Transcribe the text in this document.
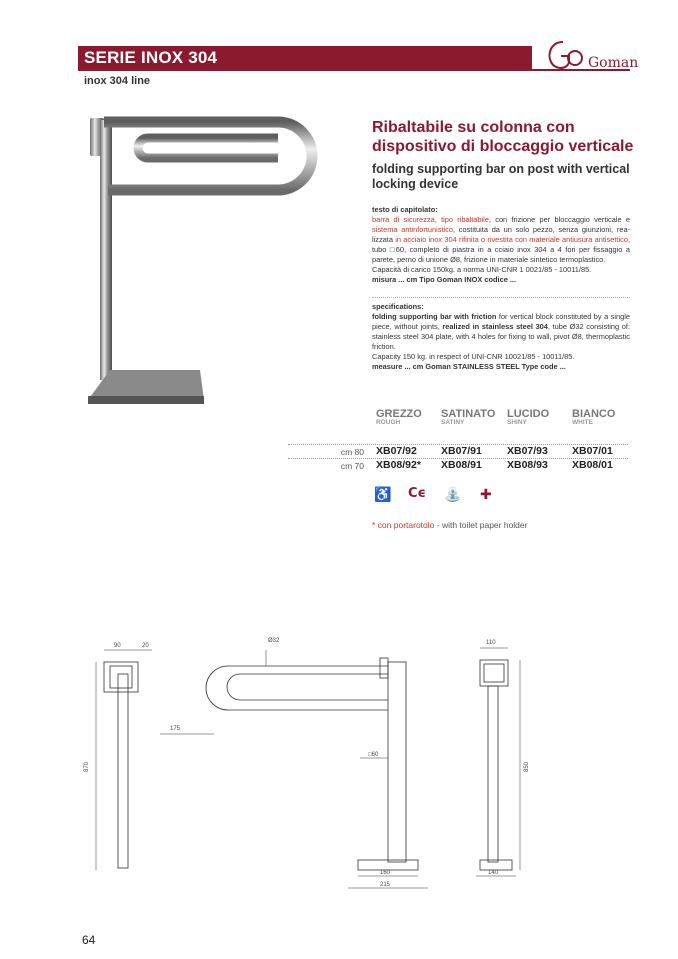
SERIE INOX 304
inox 304 line
Goman
Ribaltabile su colonna con dispositivo di bloccaggio verticale
folding supporting bar on post with vertical locking device
testo di capitolato:
barra di sicurezza, tipo ribaltabile, con frizione per bloccaggio verticale e sistema antinfortunistico, costituita da un solo pezzo, senza giunzioni, rea-lizzata in acciaio inox 304 rifinita o rivestita con materiale antiusura antisettico, tubo □60, completo di piastra in a cciaio inox 304 a 4 fori per fissaggio a parete, perno di unione Ø8, frizione in materiale sintetico termoplastico.
Capacità di carico 150kg. a norma UNI-CNR 1 0021/85 - 10011/85.
misura ... cm Tipo Goman INOX codice ...
specifications:
folding supporting bar with friction for vertical block constituted by a single piece, without joints, realized in stainless steel 304, tube Ø32 consisting of: stainless steel 304 plate, with 4 holes for fixing to wall, pivot Ø8, thermoplastic friction.
Capacity 150 kg. in respect of UNI-CNR 10021/85 - 10011/85.
measure ... cm Goman STAINLESS STEEL Type code ...
GREZZO
ROUGH
SATINATO
SATINY
LUCIDO
SHINY
BIANCO
WHITE
cm 80 XB07/92 XB07/91 XB07/93 XB07/01
cm 70 XB08/92* XB08/91 XB08/93 XB08/01
♿ Cϵ ⛲ ✚
* con portarotolo - with toilet paper holder
90	20
870
Ø32
175
□60
160
215
110
850
140
64
